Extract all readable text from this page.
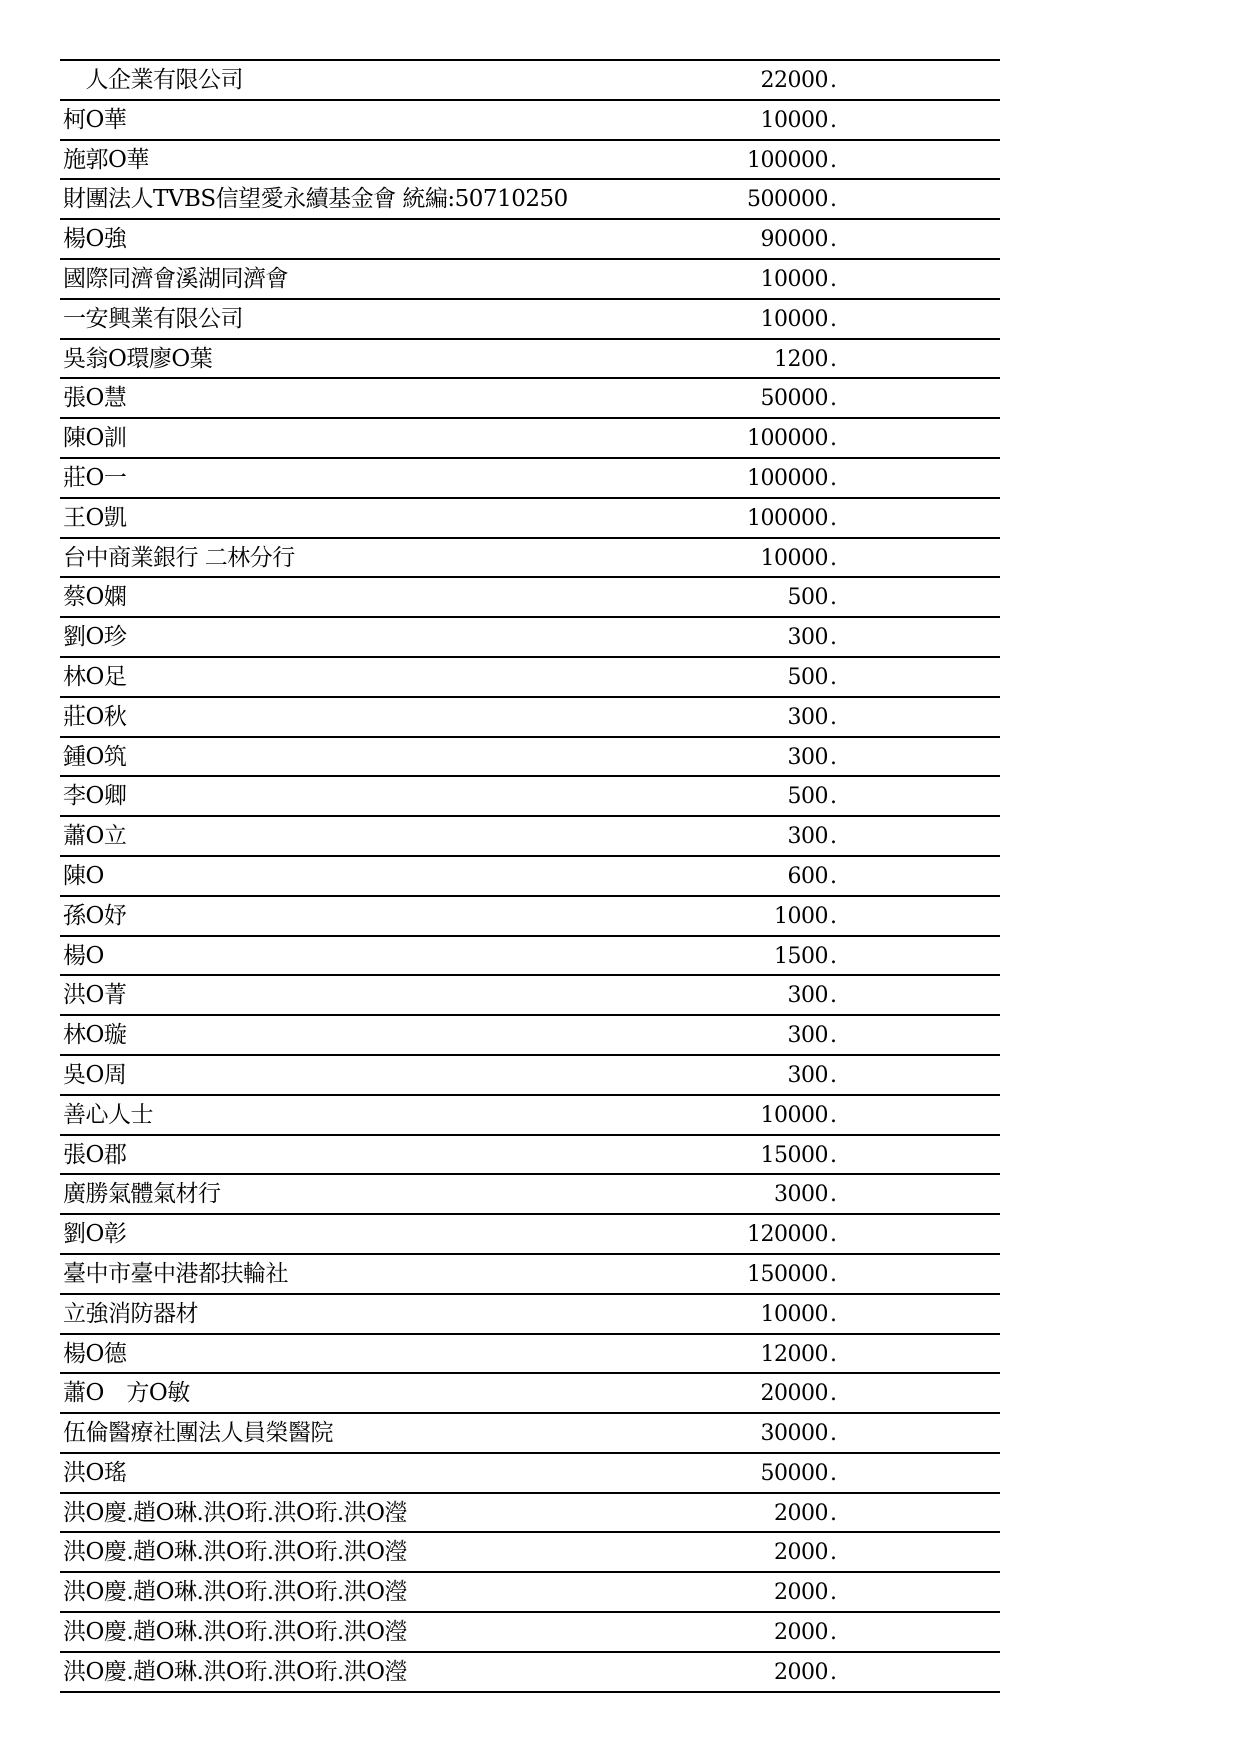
　人企業有限公司	22000 .
柯O華	10000 .
施郭O華	100000 .
財團法人TVBS信望愛永續基金會 統編:50710250	500000 .
楊O強	90000 .
國際同濟會溪湖同濟會	10000 .
一安興業有限公司	10000 .
吳翁O環廖O葉	1200 .
張O慧	50000 .
陳O訓	100000 .
莊O一	100000 .
王O凱	100000 .
台中商業銀行 二林分行	10000 .
蔡O嫻	500 .
劉O珍	300 .
林O足	500 .
莊O秋	300 .
鍾O筑	300 .
李O卿	500 .
蕭O立	300 .
陳O	600 .
孫O妤	1000 .
楊O	1500 .
洪O菁	300 .
林O璇	300 .
吳O周	300 .
善心人士	10000 .
張O郡	15000 .
廣勝氣體氣材行	3000 .
劉O彰	120000 .
臺中市臺中港都扶輪社	150000 .
立強消防器材	10000 .
楊O德	12000 .
蕭O　方O敏	20000 .
伍倫醫療社團法人員榮醫院	30000 .
洪O瑤	50000 .
洪O慶.趙O琳.洪O珩.洪O珩.洪O瀅	2000 .
洪O慶.趙O琳.洪O珩.洪O珩.洪O瀅	2000 .
洪O慶.趙O琳.洪O珩.洪O珩.洪O瀅	2000 .
洪O慶.趙O琳.洪O珩.洪O珩.洪O瀅	2000 .
洪O慶.趙O琳.洪O珩.洪O珩.洪O瀅	2000 .
